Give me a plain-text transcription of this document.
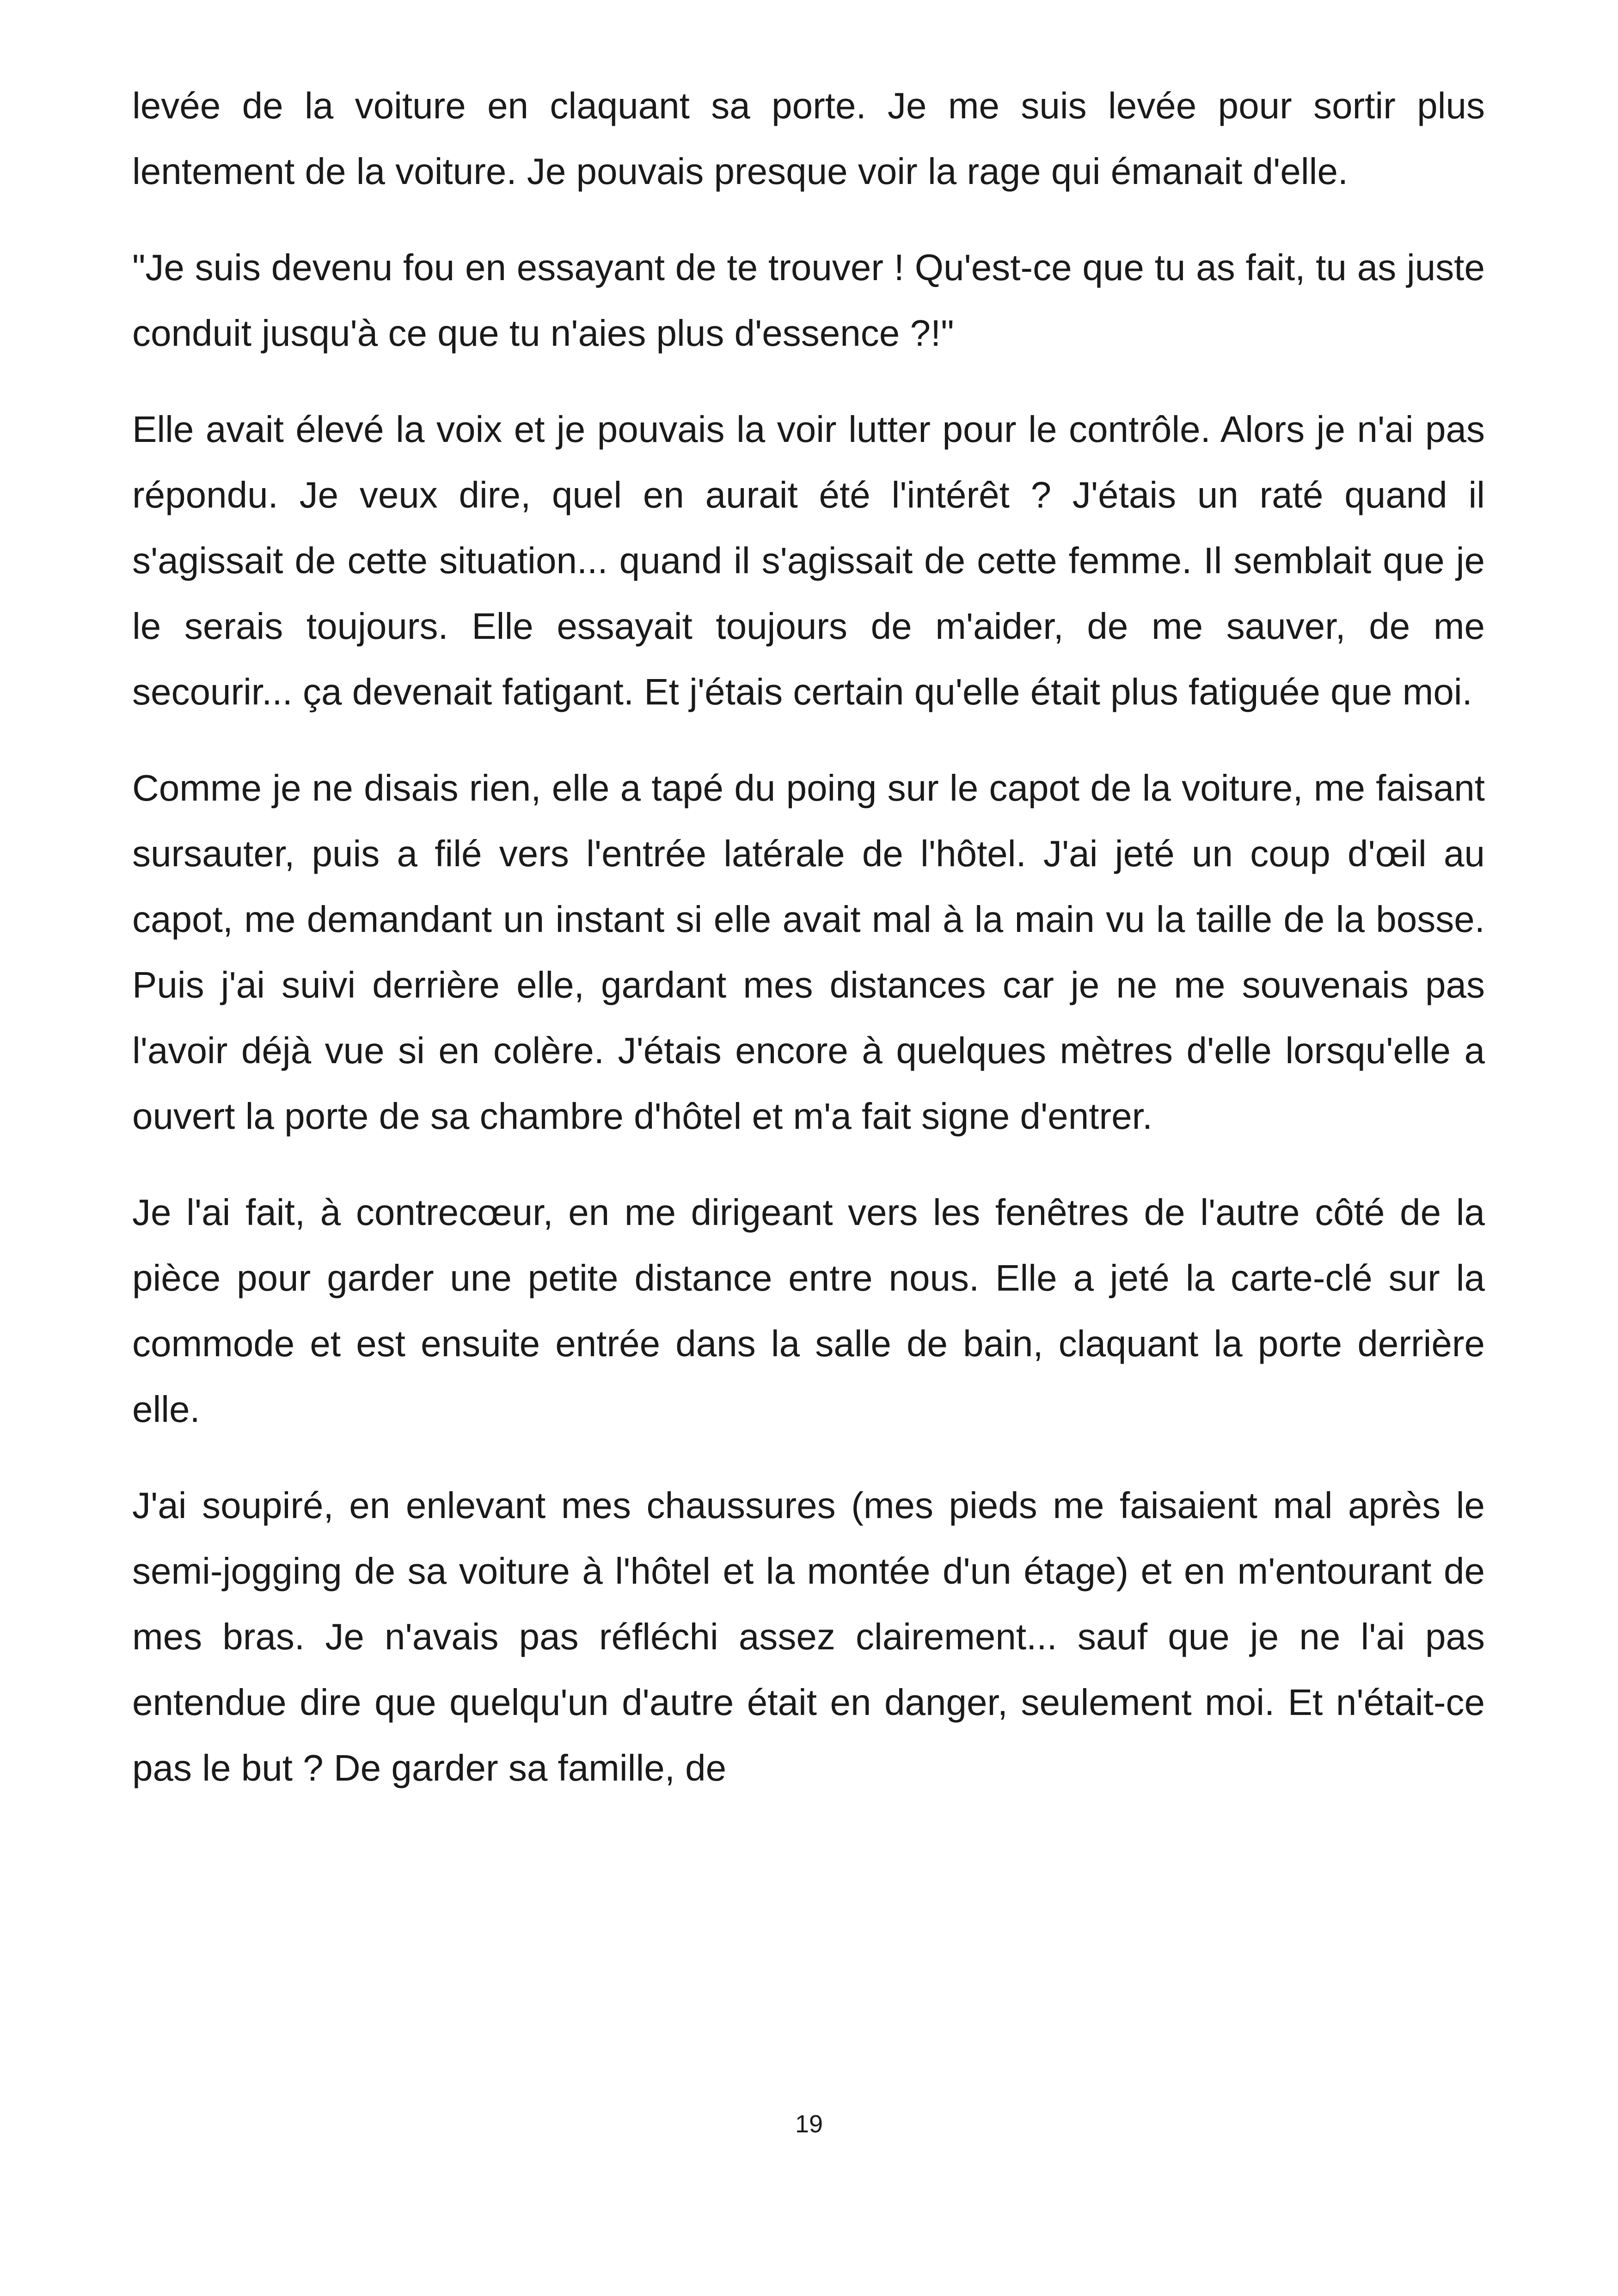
levée de la voiture en claquant sa porte. Je me suis levée pour sortir plus lentement de la voiture. Je pouvais presque voir la rage qui émanait d'elle.

"Je suis devenu fou en essayant de te trouver ! Qu'est-ce que tu as fait, tu as juste conduit jusqu'à ce que tu n'aies plus d'essence ?!"

Elle avait élevé la voix et je pouvais la voir lutter pour le contrôle. Alors je n'ai pas répondu. Je veux dire, quel en aurait été l'intérêt ? J'étais un raté quand il s'agissait de cette situation... quand il s'agissait de cette femme. Il semblait que je le serais toujours. Elle essayait toujours de m'aider, de me sauver, de me secourir... ça devenait fatigant. Et j'étais certain qu'elle était plus fatiguée que moi.

Comme je ne disais rien, elle a tapé du poing sur le capot de la voiture, me faisant sursauter, puis a filé vers l'entrée latérale de l'hôtel. J'ai jeté un coup d'œil au capot, me demandant un instant si elle avait mal à la main vu la taille de la bosse. Puis j'ai suivi derrière elle, gardant mes distances car je ne me souvenais pas l'avoir déjà vue si en colère. J'étais encore à quelques mètres d'elle lorsqu'elle a ouvert la porte de sa chambre d'hôtel et m'a fait signe d'entrer.

Je l'ai fait, à contrecœur, en me dirigeant vers les fenêtres de l'autre côté de la pièce pour garder une petite distance entre nous. Elle a jeté la carte-clé sur la commode et est ensuite entrée dans la salle de bain, claquant la porte derrière elle.

J'ai soupiré, en enlevant mes chaussures (mes pieds me faisaient mal après le semi-jogging de sa voiture à l'hôtel et la montée d'un étage) et en m'entourant de mes bras. Je n'avais pas réfléchi assez clairement... sauf que je ne l'ai pas entendue dire que quelqu'un d'autre était en danger, seulement moi. Et n'était-ce pas le but ? De garder sa famille, de

19
